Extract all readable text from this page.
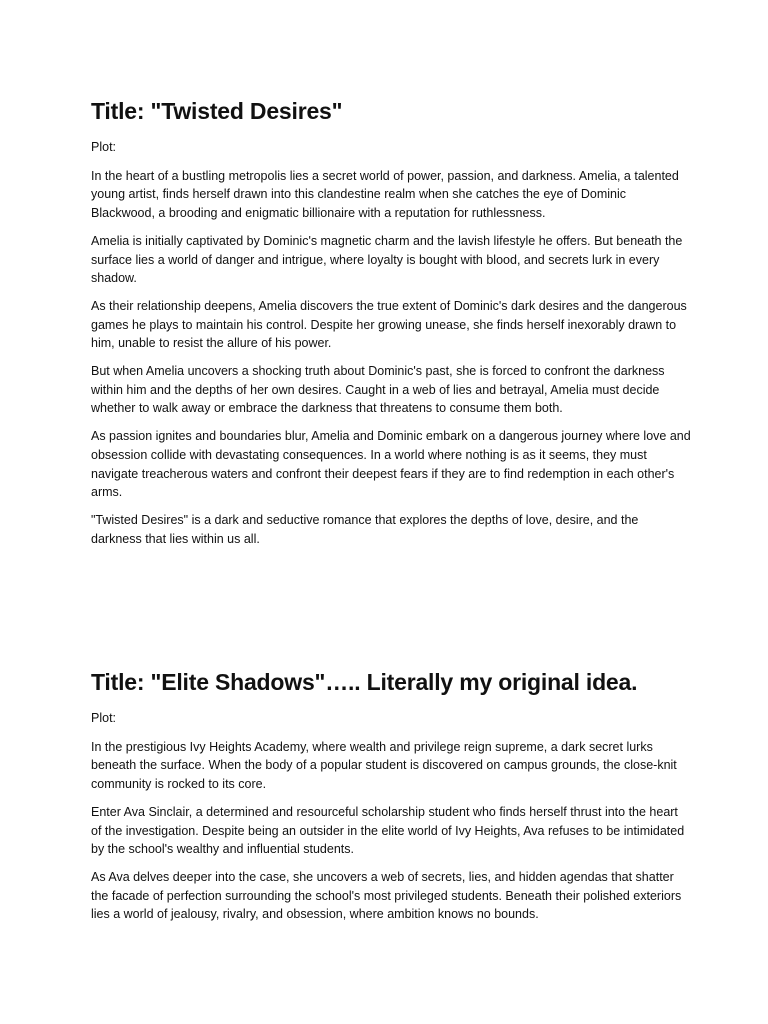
Title: "Twisted Desires"

Plot:

In the heart of a bustling metropolis lies a secret world of power, passion, and darkness. Amelia, a talented young artist, finds herself drawn into this clandestine realm when she catches the eye of Dominic Blackwood, a brooding and enigmatic billionaire with a reputation for ruthlessness.

Amelia is initially captivated by Dominic's magnetic charm and the lavish lifestyle he offers. But beneath the surface lies a world of danger and intrigue, where loyalty is bought with blood, and secrets lurk in every shadow.

As their relationship deepens, Amelia discovers the true extent of Dominic's dark desires and the dangerous games he plays to maintain his control. Despite her growing unease, she finds herself inexorably drawn to him, unable to resist the allure of his power.

But when Amelia uncovers a shocking truth about Dominic's past, she is forced to confront the darkness within him and the depths of her own desires. Caught in a web of lies and betrayal, Amelia must decide whether to walk away or embrace the darkness that threatens to consume them both.

As passion ignites and boundaries blur, Amelia and Dominic embark on a dangerous journey where love and obsession collide with devastating consequences. In a world where nothing is as it seems, they must navigate treacherous waters and confront their deepest fears if they are to find redemption in each other's arms.

"Twisted Desires" is a dark and seductive romance that explores the depths of love, desire, and the darkness that lies within us all.

Title: "Elite Shadows"….. Literally my original idea.

Plot:

In the prestigious Ivy Heights Academy, where wealth and privilege reign supreme, a dark secret lurks beneath the surface. When the body of a popular student is discovered on campus grounds, the close-knit community is rocked to its core.

Enter Ava Sinclair, a determined and resourceful scholarship student who finds herself thrust into the heart of the investigation. Despite being an outsider in the elite world of Ivy Heights, Ava refuses to be intimidated by the school's wealthy and influential students.

As Ava delves deeper into the case, she uncovers a web of secrets, lies, and hidden agendas that shatter the facade of perfection surrounding the school's most privileged students. Beneath their polished exteriors lies a world of jealousy, rivalry, and obsession, where ambition knows no bounds.
